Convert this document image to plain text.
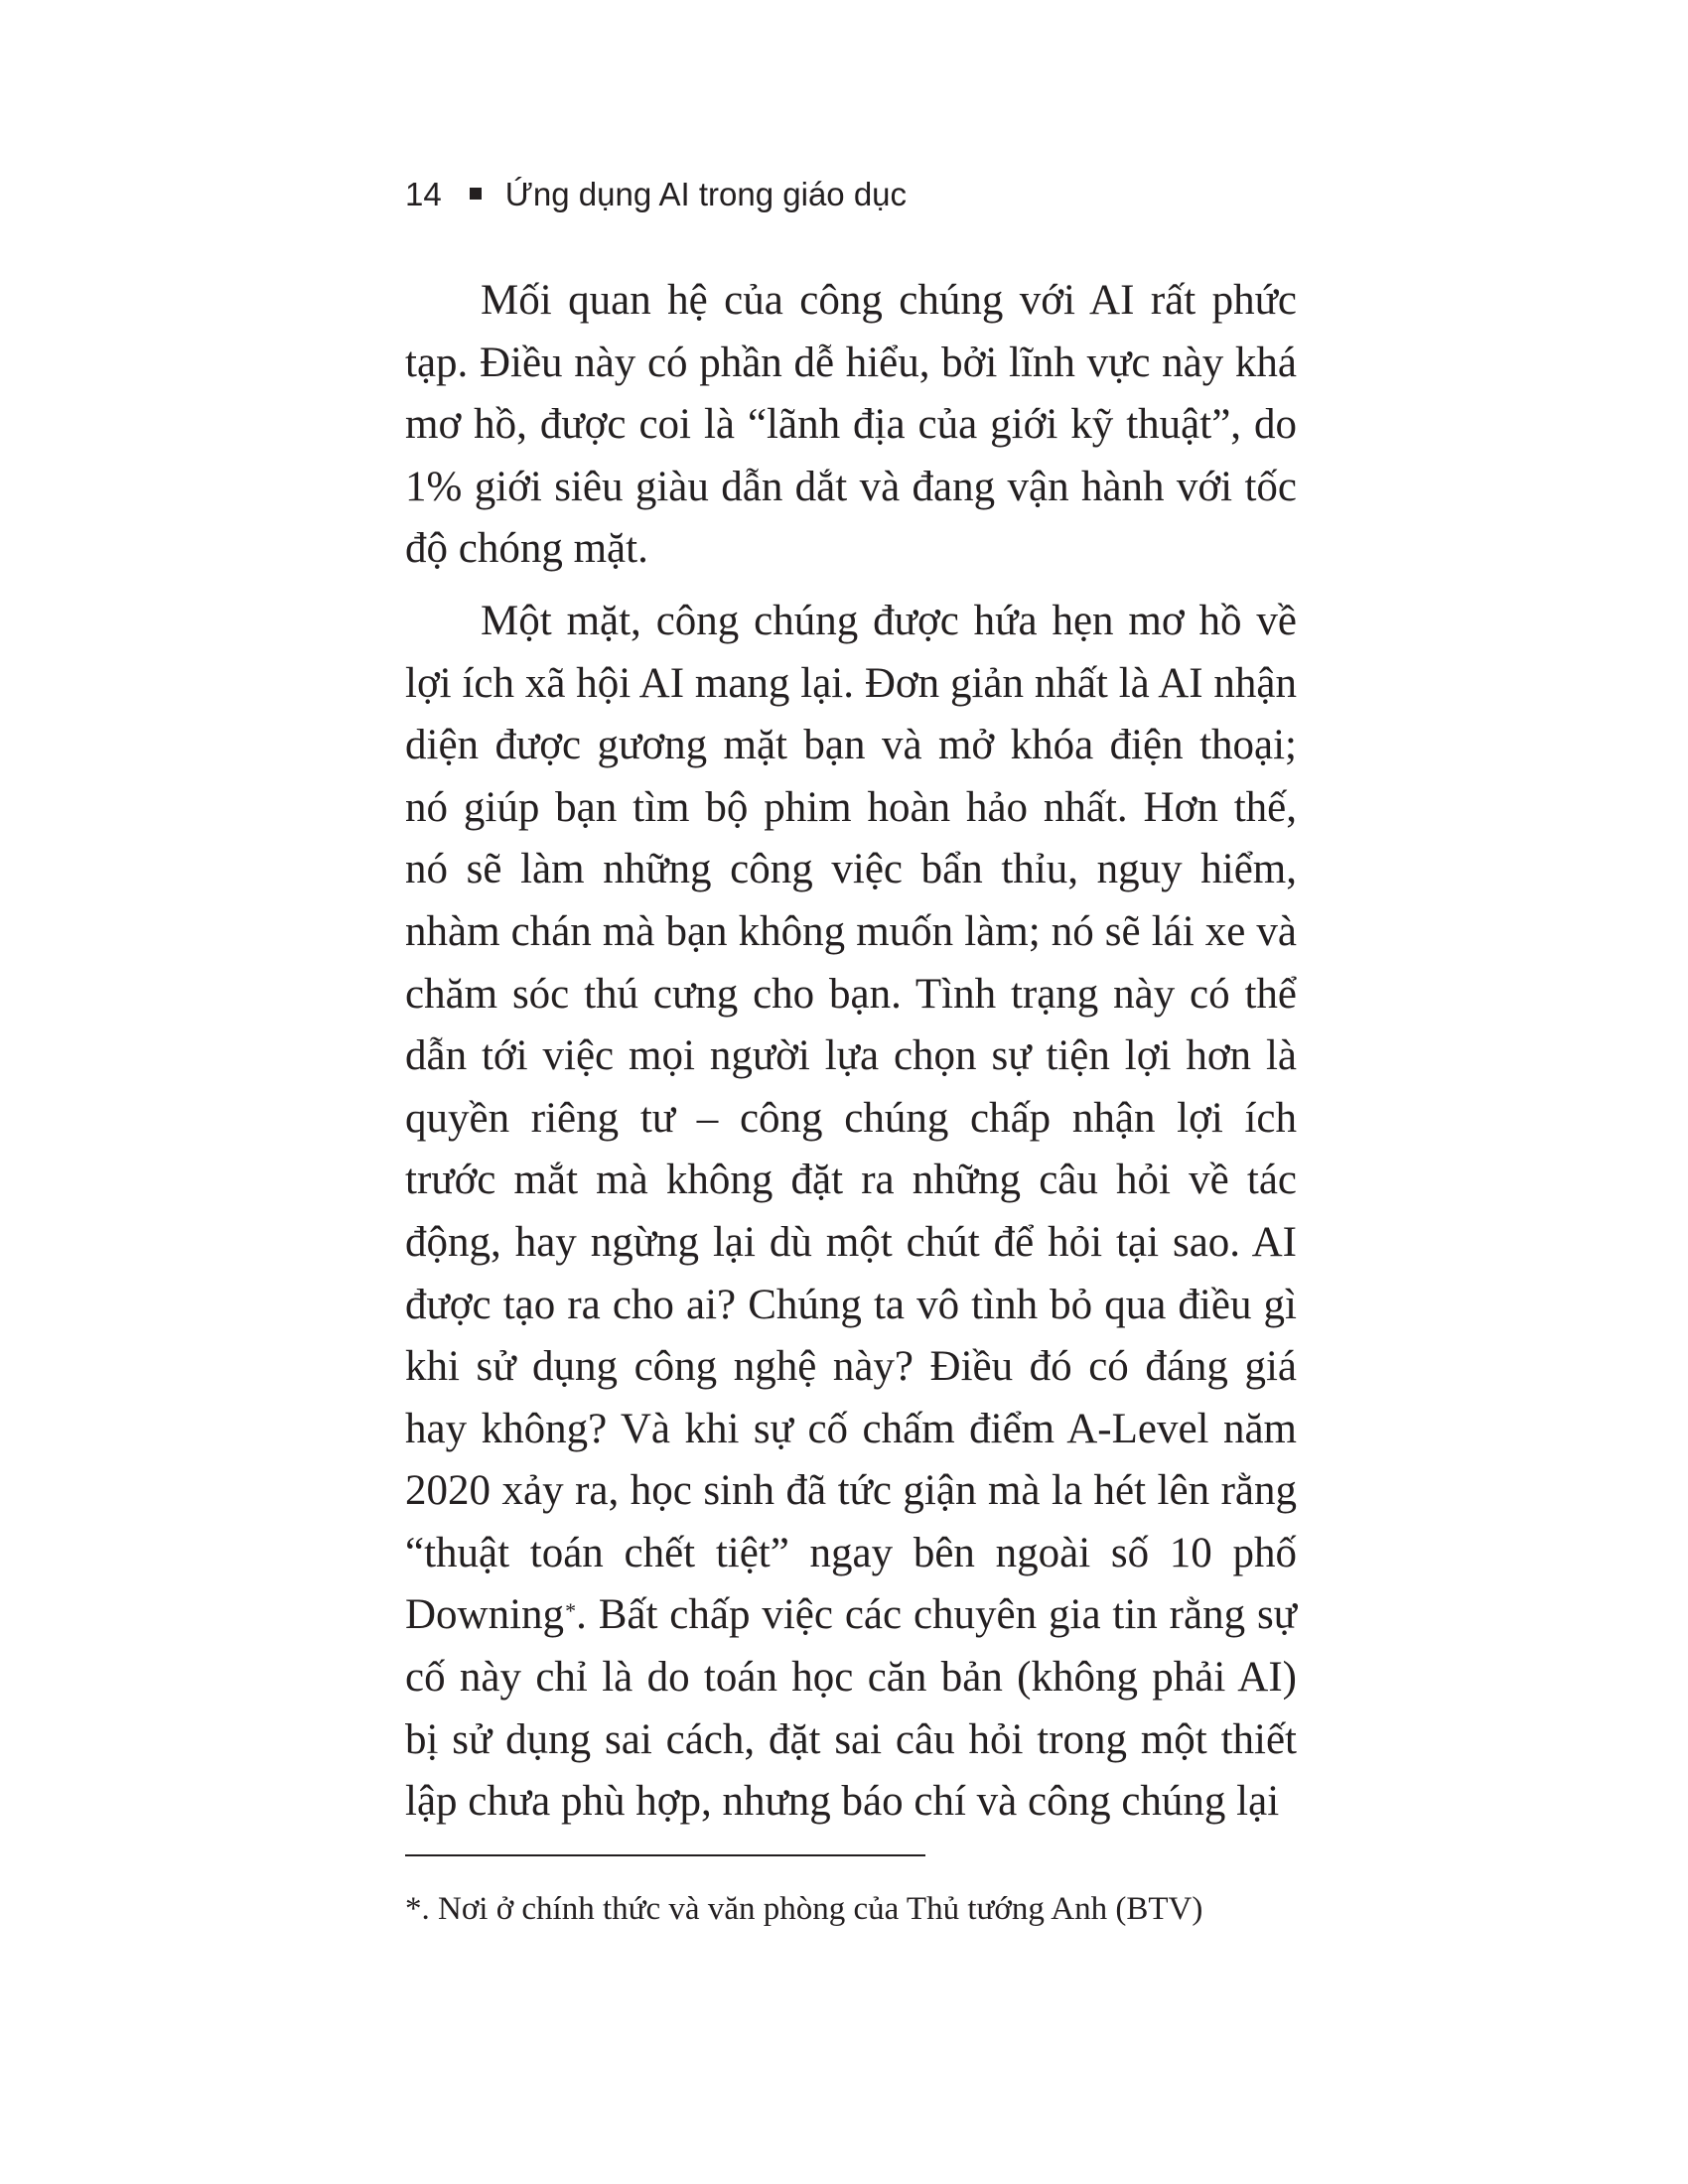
14 Ứng dụng AI trong giáo dục

Mối quan hệ của công chúng với AI rất phức tạp. Điều này có phần dễ hiểu, bởi lĩnh vực này khá mơ hồ, được coi là “lãnh địa của giới kỹ thuật”, do 1% giới siêu giàu dẫn dắt và đang vận hành với tốc độ chóng mặt.

Một mặt, công chúng được hứa hẹn mơ hồ về lợi ích xã hội AI mang lại. Đơn giản nhất là AI nhận diện được gương mặt bạn và mở khóa điện thoại; nó giúp bạn tìm bộ phim hoàn hảo nhất. Hơn thế, nó sẽ làm những công việc bẩn thỉu, nguy hiểm, nhàm chán mà bạn không muốn làm; nó sẽ lái xe và chăm sóc thú cưng cho bạn. Tình trạng này có thể dẫn tới việc mọi người lựa chọn sự tiện lợi hơn là quyền riêng tư – công chúng chấp nhận lợi ích trước mắt mà không đặt ra những câu hỏi về tác động, hay ngừng lại dù một chút để hỏi tại sao. AI được tạo ra cho ai? Chúng ta vô tình bỏ qua điều gì khi sử dụng công nghệ này? Điều đó có đáng giá hay không? Và khi sự cố chấm điểm A-Level năm 2020 xảy ra, học sinh đã tức giận mà la hét lên rằng “thuật toán chết tiệt” ngay bên ngoài số 10 phố Downing*. Bất chấp việc các chuyên gia tin rằng sự cố này chỉ là do toán học căn bản (không phải AI) bị sử dụng sai cách, đặt sai câu hỏi trong một thiết lập chưa phù hợp, nhưng báo chí và công chúng lại

*. Nơi ở chính thức và văn phòng của Thủ tướng Anh (BTV)
